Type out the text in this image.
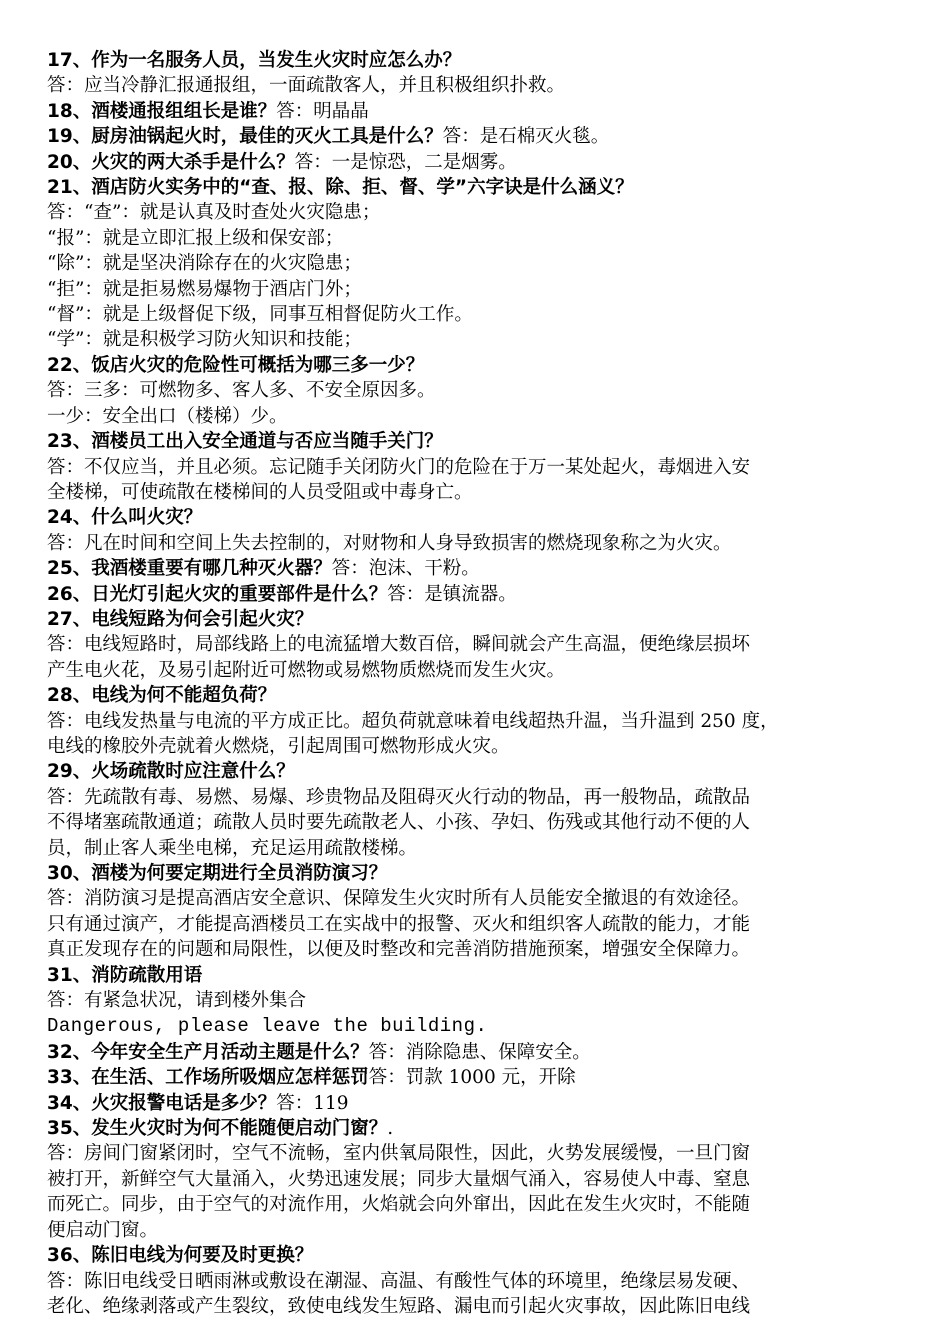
17、作为一名服务人员，当发生火灾时应怎么办？
答：应当冷静汇报通报组，一面疏散客人，并且积极组织扑救。
18、酒楼通报组组长是谁？答：明晶晶
19、厨房油锅起火时，最佳的灭火工具是什么？答：是石棉灭火毯。
20、火灾的两大杀手是什么？答：一是惊恐，二是烟雾。
21、酒店防火实务中的“查、报、除、拒、督、学”六字诀是什么涵义？
答：“查”：就是认真及时查处火灾隐患；
“报”：就是立即汇报上级和保安部；
“除”：就是坚决消除存在的火灾隐患；
“拒”：就是拒易燃易爆物于酒店门外；
“督”：就是上级督促下级，同事互相督促防火工作。
“学”：就是积极学习防火知识和技能；
22、饭店火灾的危险性可概括为哪三多一少？
答：三多：可燃物多、客人多、不安全原因多。
一少：安全出口（楼梯）少。
23、酒楼员工出入安全通道与否应当随手关门？
答：不仅应当，并且必须。忘记随手关闭防火门的危险在于万一某处起火，毒烟进入安
全楼梯，可使疏散在楼梯间的人员受阻或中毒身亡。
24、什么叫火灾？
答：凡在时间和空间上失去控制的，对财物和人身导致损害的燃烧现象称之为火灾。
25、我酒楼重要有哪几种灭火器？答：泡沫、干粉。
26、日光灯引起火灾的重要部件是什么？答：是镇流器。
27、电线短路为何会引起火灾？
答：电线短路时，局部线路上的电流猛增大数百倍，瞬间就会产生高温，便绝缘层损坏
产生电火花，及易引起附近可燃物或易燃物质燃烧而发生火灾。
28、电线为何不能超负荷？
答：电线发热量与电流的平方成正比。超负荷就意味着电线超热升温，当升温到 250 度，
电线的橡胶外壳就着火燃烧，引起周围可燃物形成火灾。
29、火场疏散时应注意什么？
答：先疏散有毒、易燃、易爆、珍贵物品及阻碍灭火行动的物品，再一般物品，疏散品
不得堵塞疏散通道；疏散人员时要先疏散老人、小孩、孕妇、伤残或其他行动不便的人
员，制止客人乘坐电梯，充足运用疏散楼梯。
30、酒楼为何要定期进行全员消防演习？
答：消防演习是提高酒店安全意识、保障发生火灾时所有人员能安全撤退的有效途径。
只有通过演产，才能提高酒楼员工在实战中的报警、灭火和组织客人疏散的能力，才能
真正发现存在的问题和局限性，以便及时整改和完善消防措施预案，增强安全保障力。
31、消防疏散用语
答：有紧急状况，请到楼外集合
Dangerous, please leave the building.
32、今年安全生产月活动主题是什么？答：消除隐患、保障安全。
33、在生活、工作场所吸烟应怎样惩罚答：罚款 1000 元，开除
34、火灾报警电话是多少？答：119
35、发生火灾时为何不能随便启动门窗？.
答：房间门窗紧闭时，空气不流畅，室内供氧局限性，因此，火势发展缓慢，一旦门窗
被打开，新鲜空气大量涌入，火势迅速发展；同步大量烟气涌入，容易使人中毒、窒息
而死亡。同步，由于空气的对流作用，火焰就会向外窜出，因此在发生火灾时，不能随
便启动门窗。
36、陈旧电线为何要及时更换？
答：陈旧电线受日晒雨淋或敷设在潮湿、高温、有酸性气体的环境里，绝缘层易发硬、
老化、绝缘剥落或产生裂纹，致使电线发生短路、漏电而引起火灾事故，因此陈旧电线
